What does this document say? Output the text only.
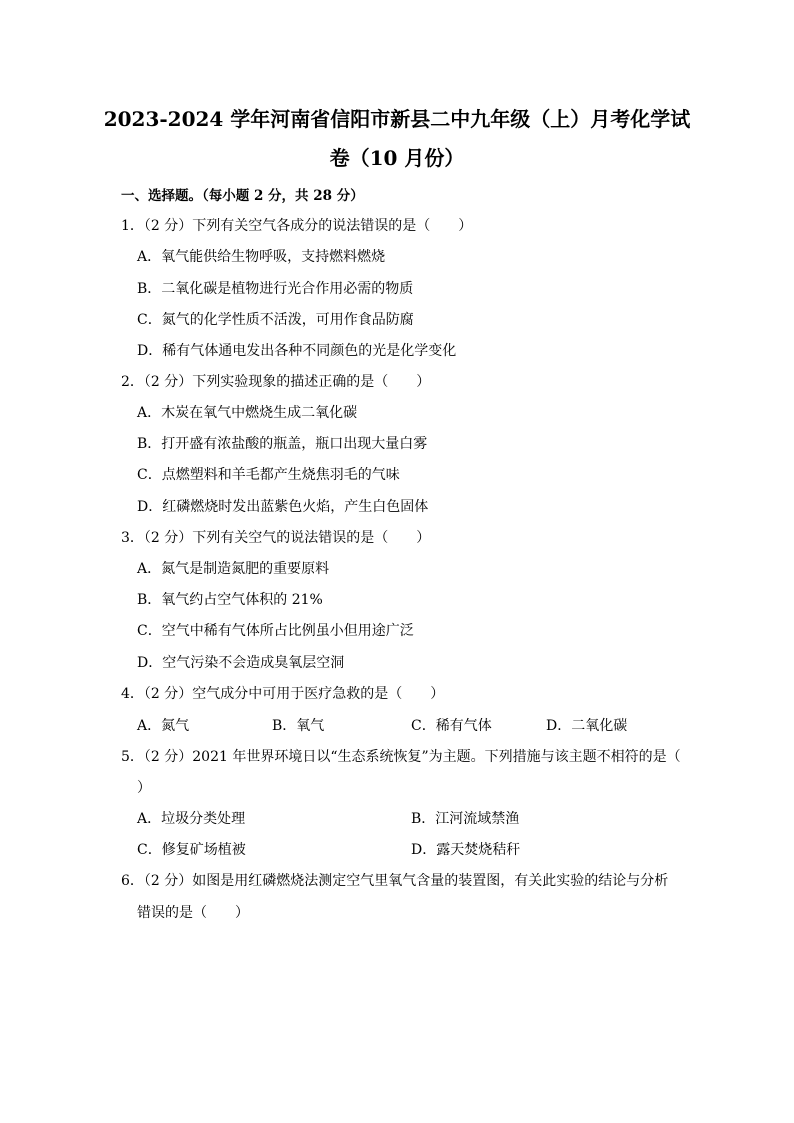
2023-2024 学年河南省信阳市新县二中九年级（上）月考化学试
卷（10 月份）
一、选择题。（每小题 2 分，共 28 分）
1．（2 分）下列有关空气各成分的说法错误的是（　　）
A．氧气能供给生物呼吸，支持燃料燃烧
B．二氧化碳是植物进行光合作用必需的物质
C．氮气的化学性质不活泼，可用作食品防腐
D．稀有气体通电发出各种不同颜色的光是化学变化
2．（2 分）下列实验现象的描述正确的是（　　）
A．木炭在氧气中燃烧生成二氧化碳
B．打开盛有浓盐酸的瓶盖，瓶口出现大量白雾
C．点燃塑料和羊毛都产生烧焦羽毛的气味
D．红磷燃烧时发出蓝紫色火焰，产生白色固体
3．（2 分）下列有关空气的说法错误的是（　　）
A．氮气是制造氮肥的重要原料
B．氧气约占空气体积的 21%
C．空气中稀有气体所占比例虽小但用途广泛
D．空气污染不会造成臭氧层空洞
4．（2 分）空气成分中可用于医疗急救的是（　　）
A．氮气	B．氧气	C．稀有气体	D．二氧化碳
5．（2 分）2021 年世界环境日以“生态系统恢复”为主题。下列措施与该主题不相符的是（
）
A．垃圾分类处理	B．江河流域禁渔
C．修复矿场植被	D．露天焚烧秸秆
6．（2 分）如图是用红磷燃烧法测定空气里氧气含量的装置图，有关此实验的结论与分析
错误的是（　　）
